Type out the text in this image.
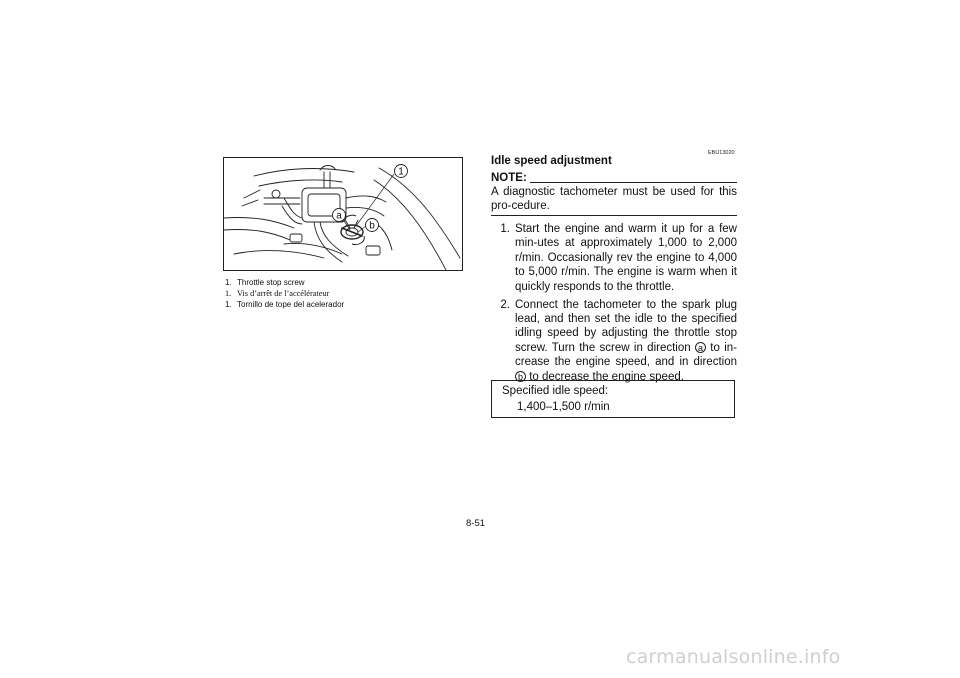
1
a
b
1. Throttle stop screw
1. Vis d’arrêt de l’accélérateur
1. Tornillo de tope del acelerador
EBU13020
Idle speed adjustment
NOTE:

A diagnostic tachometer must be used for this pro-cedure.

1. Start the engine and warm it up for a few min-utes at approximately 1,000 to 2,000 r/min. Occasionally rev the engine to 4,000 to 5,000 r/min. The engine is warm when it quickly responds to the throttle.
2. Connect the tachometer to the spark plug lead, and then set the idle to the specified idling speed by adjusting the throttle stop screw. Turn the screw in direction a to in-crease the engine speed, and in direction b to decrease the engine speed.
Specified idle speed:
1,400–1,500 r/min
8-51
carmanualsonline.info
